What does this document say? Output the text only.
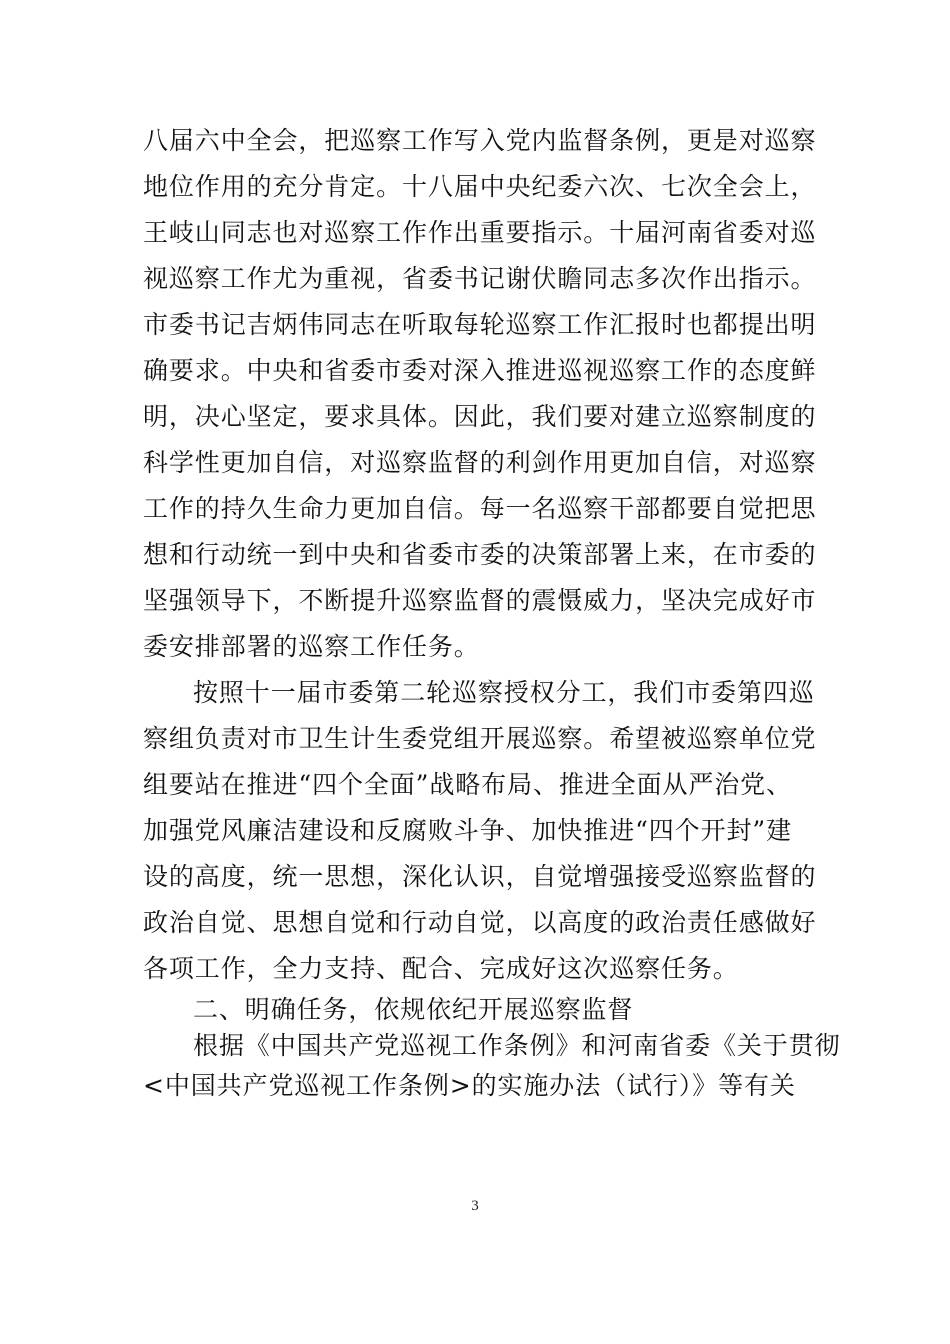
八届六中全会，把巡察工作写入党内监督条例，更是对巡察
地位作用的充分肯定。十八届中央纪委六次、七次全会上，
王岐山同志也对巡察工作作出重要指示。十届河南省委对巡
视巡察工作尤为重视，省委书记谢伏瞻同志多次作出指示。
市委书记吉炳伟同志在听取每轮巡察工作汇报时也都提出明
确要求。中央和省委市委对深入推进巡视巡察工作的态度鲜
明，决心坚定，要求具体。因此，我们要对建立巡察制度的
科学性更加自信，对巡察监督的利剑作用更加自信，对巡察
工作的持久生命力更加自信。每一名巡察干部都要自觉把思
想和行动统一到中央和省委市委的决策部署上来，在市委的
坚强领导下，不断提升巡察监督的震慑威力，坚决完成好市
委安排部署的巡察工作任务。
按照十一届市委第二轮巡察授权分工，我们市委第四巡
察组负责对市卫生计生委党组开展巡察。希望被巡察单位党
组要站在推进“四个全面”战略布局、推进全面从严治党、
加强党风廉洁建设和反腐败斗争、加快推进“四个开封”建
设的高度，统一思想，深化认识，自觉增强接受巡察监督的
政治自觉、思想自觉和行动自觉，以高度的政治责任感做好
各项工作，全力支持、配合、完成好这次巡察任务。
二、明确任务，依规依纪开展巡察监督
根据《中国共产党巡视工作条例》和河南省委《关于贯彻
<中国共产党巡视工作条例>的实施办法（试行）》等有关
3
